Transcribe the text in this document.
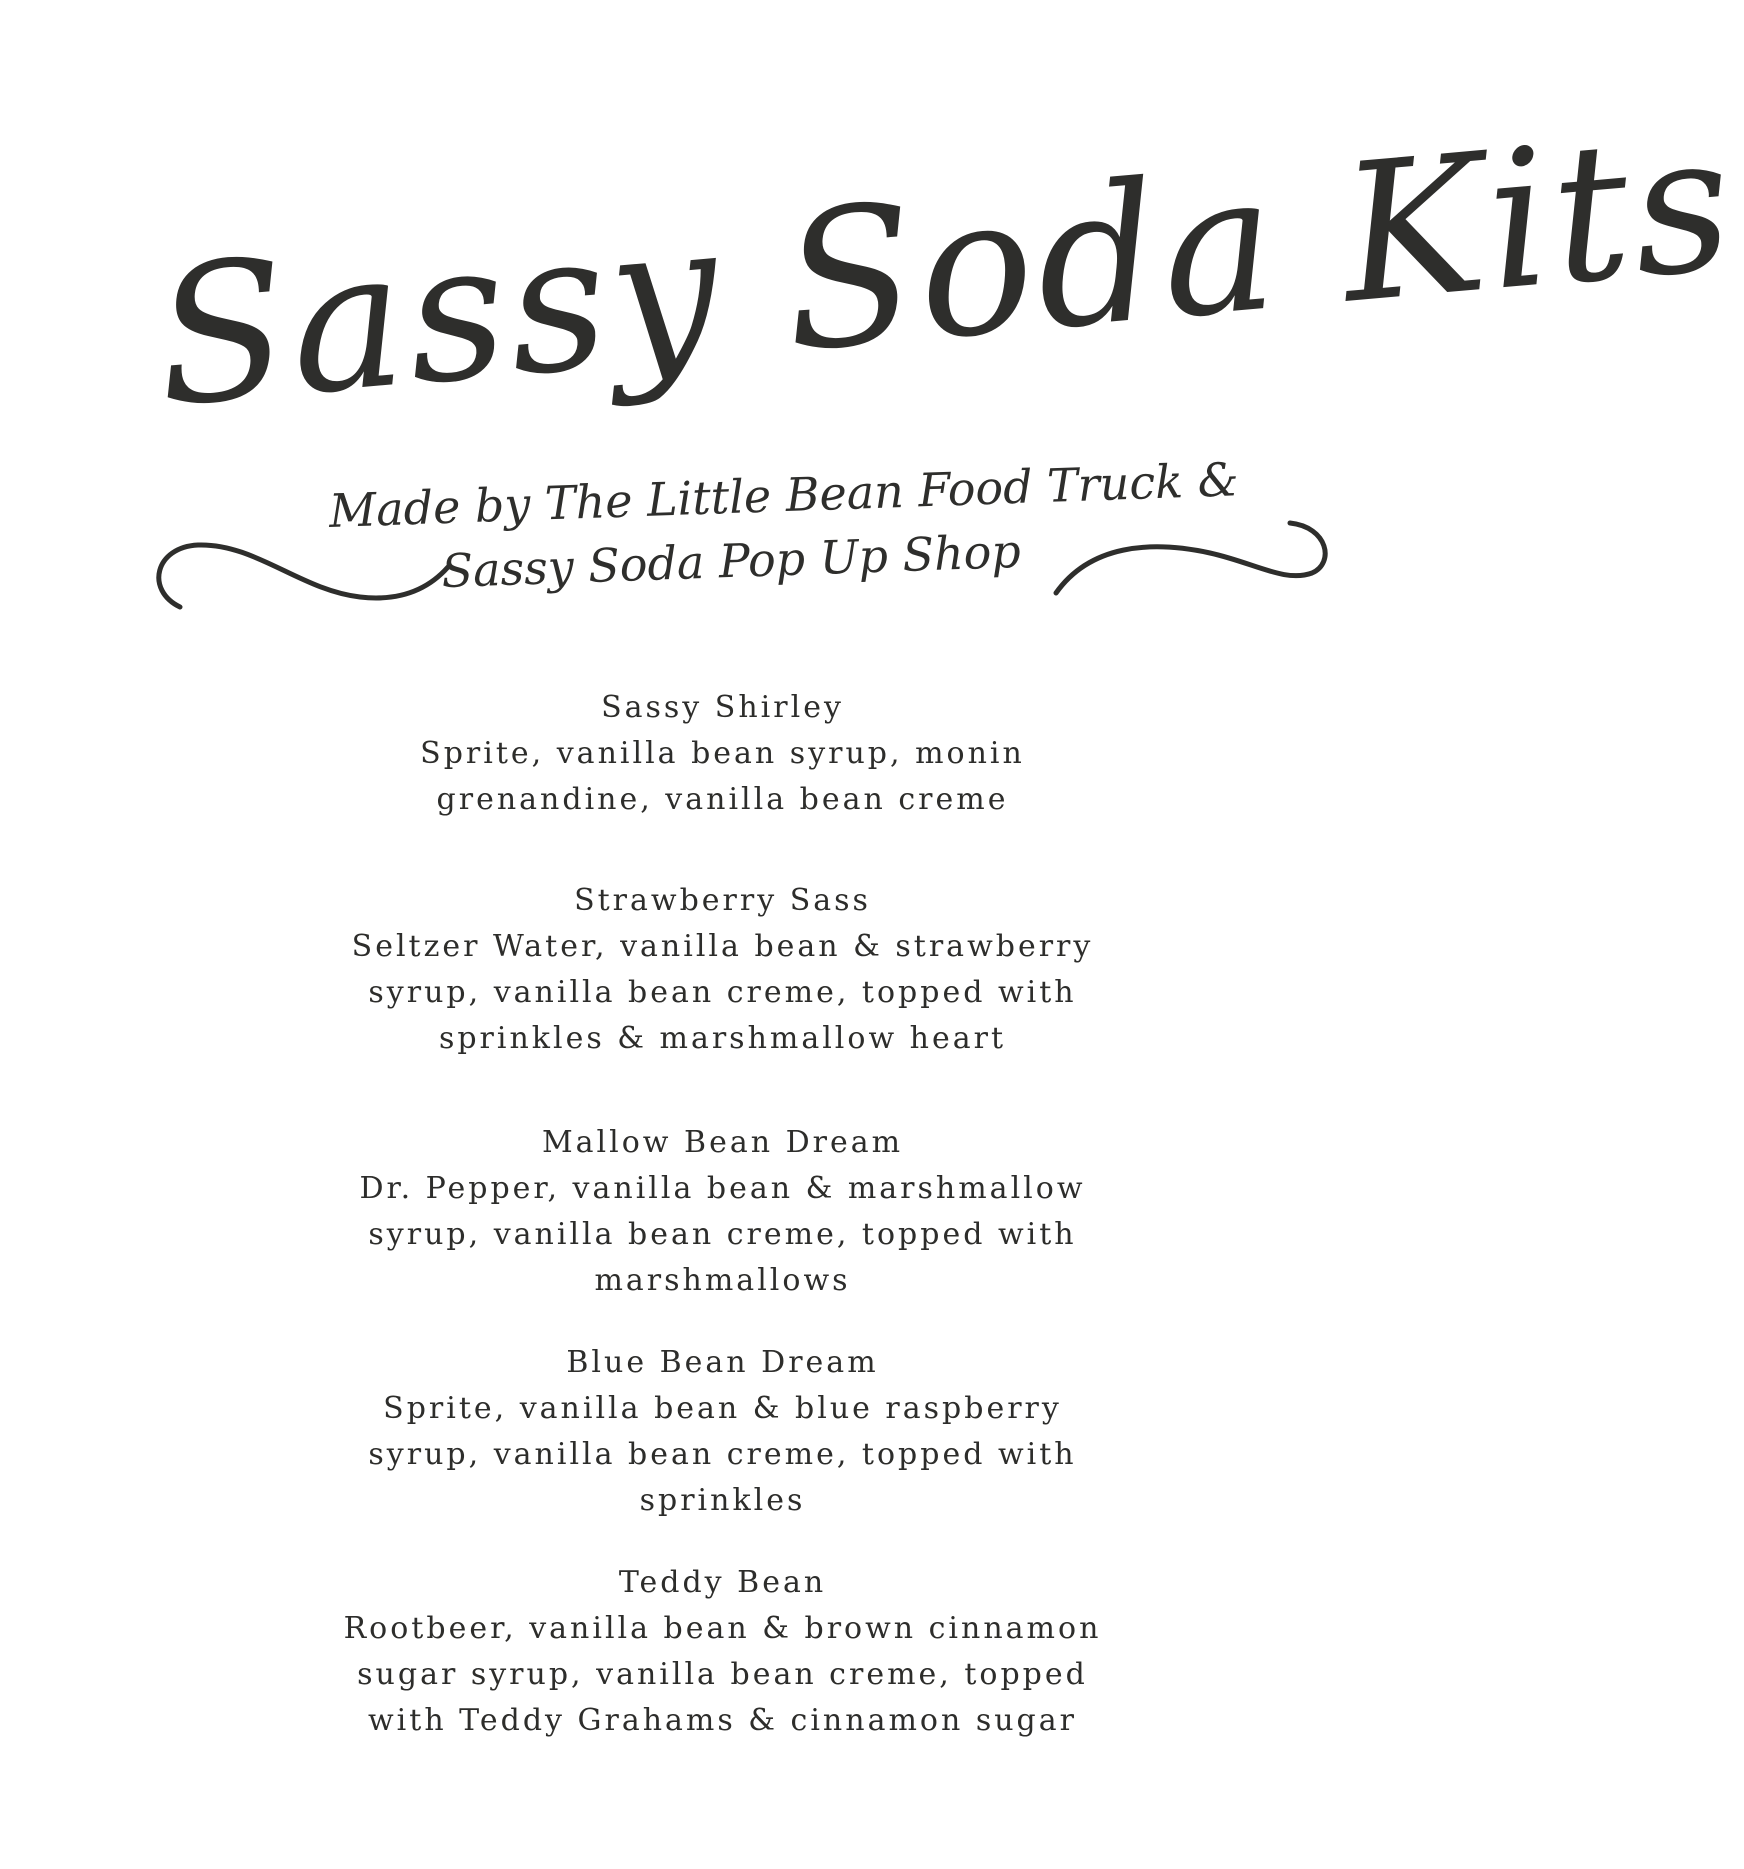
Sassy Soda Kits
Made by The Little Bean Food Truck &
Sassy Soda Pop Up Shop
Sassy Shirley
Sprite, vanilla bean syrup, monin
grenandine, vanilla bean creme
Strawberry Sass
Seltzer Water, vanilla bean & strawberry
syrup, vanilla bean creme, topped with
sprinkles & marshmallow heart
Mallow Bean Dream
Dr. Pepper, vanilla bean & marshmallow
syrup, vanilla bean creme, topped with
marshmallows
Blue Bean Dream
Sprite, vanilla bean & blue raspberry
syrup, vanilla bean creme, topped with
sprinkles
Teddy Bean
Rootbeer, vanilla bean & brown cinnamon
sugar syrup, vanilla bean creme, topped
with Teddy Grahams & cinnamon sugar
